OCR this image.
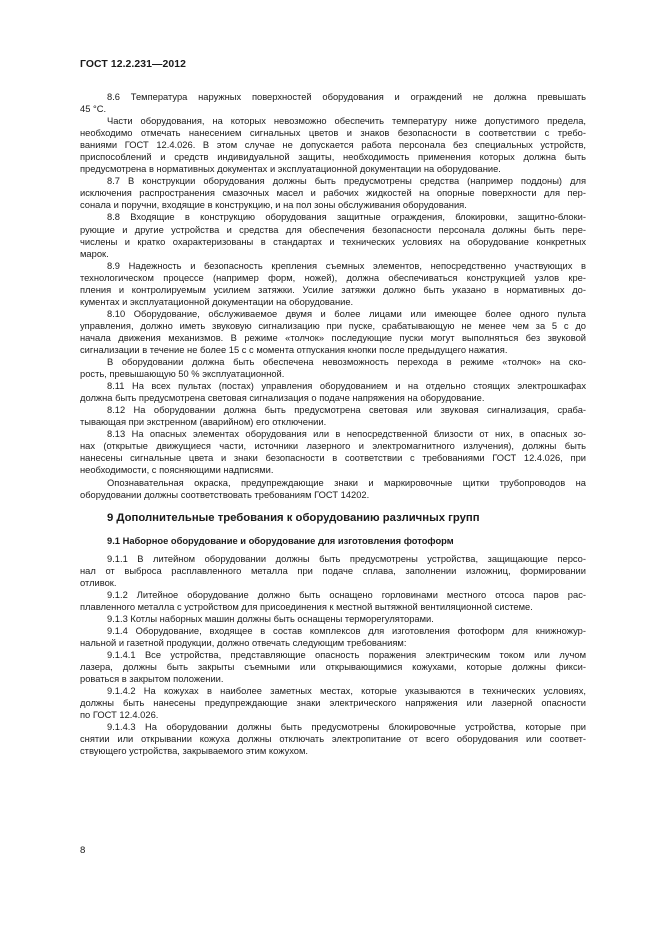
ГОСТ 12.2.231—2012

8.6 Температура наружных поверхностей оборудования и ограждений не должна превышать
45 °С.

Части оборудования, на которых невозможно обеспечить температуру ниже допустимого предела,
необходимо отмечать нанесением сигнальных цветов и знаков безопасности в соответствии с требо-
ваниями ГОСТ 12.4.026. В этом случае не допускается работа персонала без специальных устройств,
приспособлений и средств индивидуальной защиты, необходимость применения которых должна быть
предусмотрена в нормативных документах и эксплуатационной документации на оборудование.

8.7 В конструкции оборудования должны быть предусмотрены средства (например поддоны) для
исключения распространения смазочных масел и рабочих жидкостей на опорные поверхности для пер-
сонала и поручни, входящие в конструкцию, и на пол зоны обслуживания оборудования.

8.8 Входящие в конструкцию оборудования защитные ограждения, блокировки, защитно-блоки-
рующие и другие устройства и средства для обеспечения безопасности персонала должны быть пере-
числены и кратко охарактеризованы в стандартах и технических условиях на оборудование конкретных
марок.

8.9 Надежность и безопасность крепления съемных элементов, непосредственно участвующих в
технологическом процессе (например форм, ножей), должна обеспечиваться конструкцией узлов кре-
пления и контролируемым усилием затяжки. Усилие затяжки должно быть указано в нормативных до-
кументах и эксплуатационной документации на оборудование.

8.10 Оборудование, обслуживаемое двумя и более лицами или имеющее более одного пульта
управления, должно иметь звуковую сигнализацию при пуске, срабатывающую не менее чем за 5 с до
начала движения механизмов. В режиме «толчок» последующие пуски могут выполняться без звуковой
сигнализации в течение не более 15 с с момента отпускания кнопки после предыдущего нажатия.

В оборудовании должна быть обеспечена невозможность перехода в режиме «толчок» на ско-
рость, превышающую 50 % эксплуатационной.

8.11 На всех пультах (постах) управления оборудованием и на отдельно стоящих электрошкафах
должна быть предусмотрена световая сигнализация о подаче напряжения на оборудование.

8.12 На оборудовании должна быть предусмотрена световая или звуковая сигнализация, сраба-
тывающая при экстренном (аварийном) его отключении.

8.13 На опасных элементах оборудования или в непосредственной близости от них, в опасных зо-
нах (открытые движущиеся части, источники лазерного и электромагнитного излучения), должны быть
нанесены сигнальные цвета и знаки безопасности в соответствии с требованиями ГОСТ 12.4.026, при
необходимости, с поясняющими надписями.

Опознавательная окраска, предупреждающие знаки и маркировочные щитки трубопроводов на
оборудовании должны соответствовать требованиям ГОСТ 14202.

9 Дополнительные требования к оборудованию различных групп

9.1 Наборное оборудование и оборудование для изготовления фотоформ

9.1.1 В литейном оборудовании должны быть предусмотрены устройства, защищающие персо-
нал от выброса расплавленного металла при подаче сплава, заполнении изложниц, формировании
отливок.

9.1.2 Литейное оборудование должно быть оснащено горловинами местного отсоса паров рас-
плавленного металла с устройством для присоединения к местной вытяжной вентиляционной системе.

9.1.3 Котлы наборных машин должны быть оснащены терморегуляторами.

9.1.4 Оборудование, входящее в состав комплексов для изготовления фотоформ для книжножур-
нальной и газетной продукции, должно отвечать следующим требованиям:

9.1.4.1 Все устройства, представляющие опасность поражения электрическим током или лучом
лазера, должны быть закрыты съемными или открывающимися кожухами, которые должны фикси-
роваться в закрытом положении.

9.1.4.2 На кожухах в наиболее заметных местах, которые указываются в технических условиях,
должны быть нанесены предупреждающие знаки электрического напряжения или лазерной опасности
по ГОСТ 12.4.026.

9.1.4.3 На оборудовании должны быть предусмотрены блокировочные устройства, которые при
снятии или открывании кожуха должны отключать электропитание от всего оборудования или соответ-
ствующего устройства, закрываемого этим кожухом.

8
